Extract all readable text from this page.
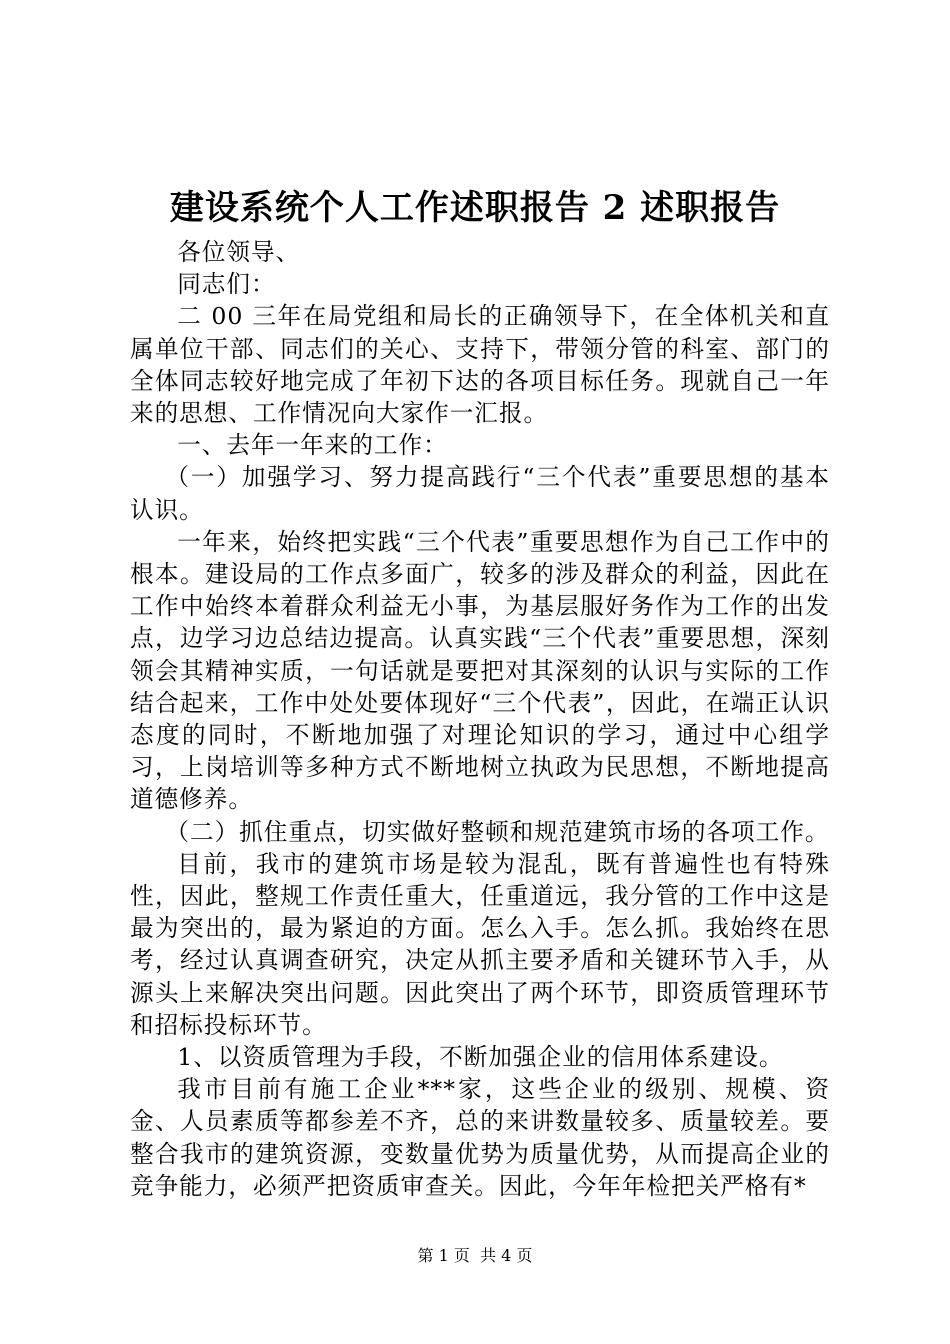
建设系统个人工作述职报告 2 述职报告

各位领导、

同志们：

二 00 三年在局党组和局长的正确领导下，在全体机关和直属单位干部、同志们的关心、支持下，带领分管的科室、部门的全体同志较好地完成了年初下达的各项目标任务。现就自己一年来的思想、工作情况向大家作一汇报。

一、去年一年来的工作：

（一）加强学习、努力提高践行“三个代表”重要思想的基本认识。

一年来，始终把实践“三个代表”重要思想作为自己工作中的根本。建设局的工作点多面广，较多的涉及群众的利益，因此在工作中始终本着群众利益无小事，为基层服好务作为工作的出发点，边学习边总结边提高。认真实践“三个代表”重要思想，深刻领会其精神实质，一句话就是要把对其深刻的认识与实际的工作结合起来，工作中处处要体现好“三个代表”，因此，在端正认识态度的同时，不断地加强了对理论知识的学习，通过中心组学习，上岗培训等多种方式不断地树立执政为民思想，不断地提高道德修养。

（二）抓住重点，切实做好整顿和规范建筑市场的各项工作。

目前，我市的建筑市场是较为混乱，既有普遍性也有特殊性，因此，整规工作责任重大，任重道远，我分管的工作中这是最为突出的，最为紧迫的方面。怎么入手。怎么抓。我始终在思考，经过认真调查研究，决定从抓主要矛盾和关键环节入手，从源头上来解决突出问题。因此突出了两个环节，即资质管理环节和招标投标环节。

1、以资质管理为手段，不断加强企业的信用体系建设。

我市目前有施工企业***家，这些企业的级别、规模、资金、人员素质等都参差不齐，总的来讲数量较多、质量较差。要整合我市的建筑资源，变数量优势为质量优势，从而提高企业的竞争能力，必须严把资质审查关。因此，今年年检把关严格有*

第 1 页  共 4 页
